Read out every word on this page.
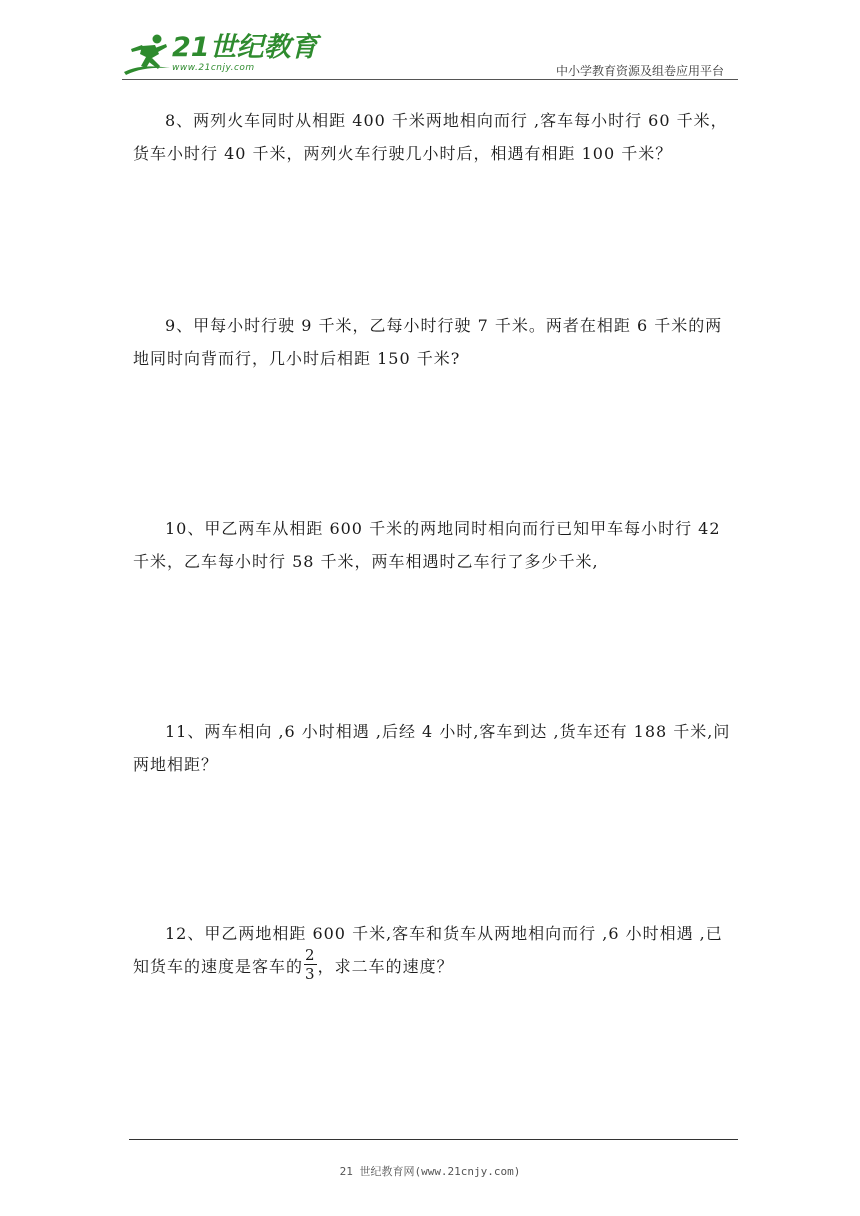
21世纪教育
www.21cnjy.com	中小学教育资源及组卷应用平台

8、两列火车同时从相距 400 千米两地相向而行 ,客车每小时行 60 千米，货车小时行 40 千米，两列火车行驶几小时后，相遇有相距 100 千米？

9、甲每小时行驶 9 千米，乙每小时行驶 7 千米。两者在相距 6 千米的两地同时向背而行，几小时后相距 150 千米?

10、甲乙两车从相距 600 千米的两地同时相向而行已知甲车每小时行 42 千米，乙车每小时行 58 千米，两车相遇时乙车行了多少千米,

11、两车相向 ,6 小时相遇 ,后经 4 小时,客车到达 ,货车还有 188 千米,问两地相距？

12、甲乙两地相距 600 千米,客车和货车从两地相向而行 ,6 小时相遇 ,已知货车的速度是客车的 $\frac{2}{3}$ ，求二车的速度？

21 世纪教育网(www.21cnjy.com)
